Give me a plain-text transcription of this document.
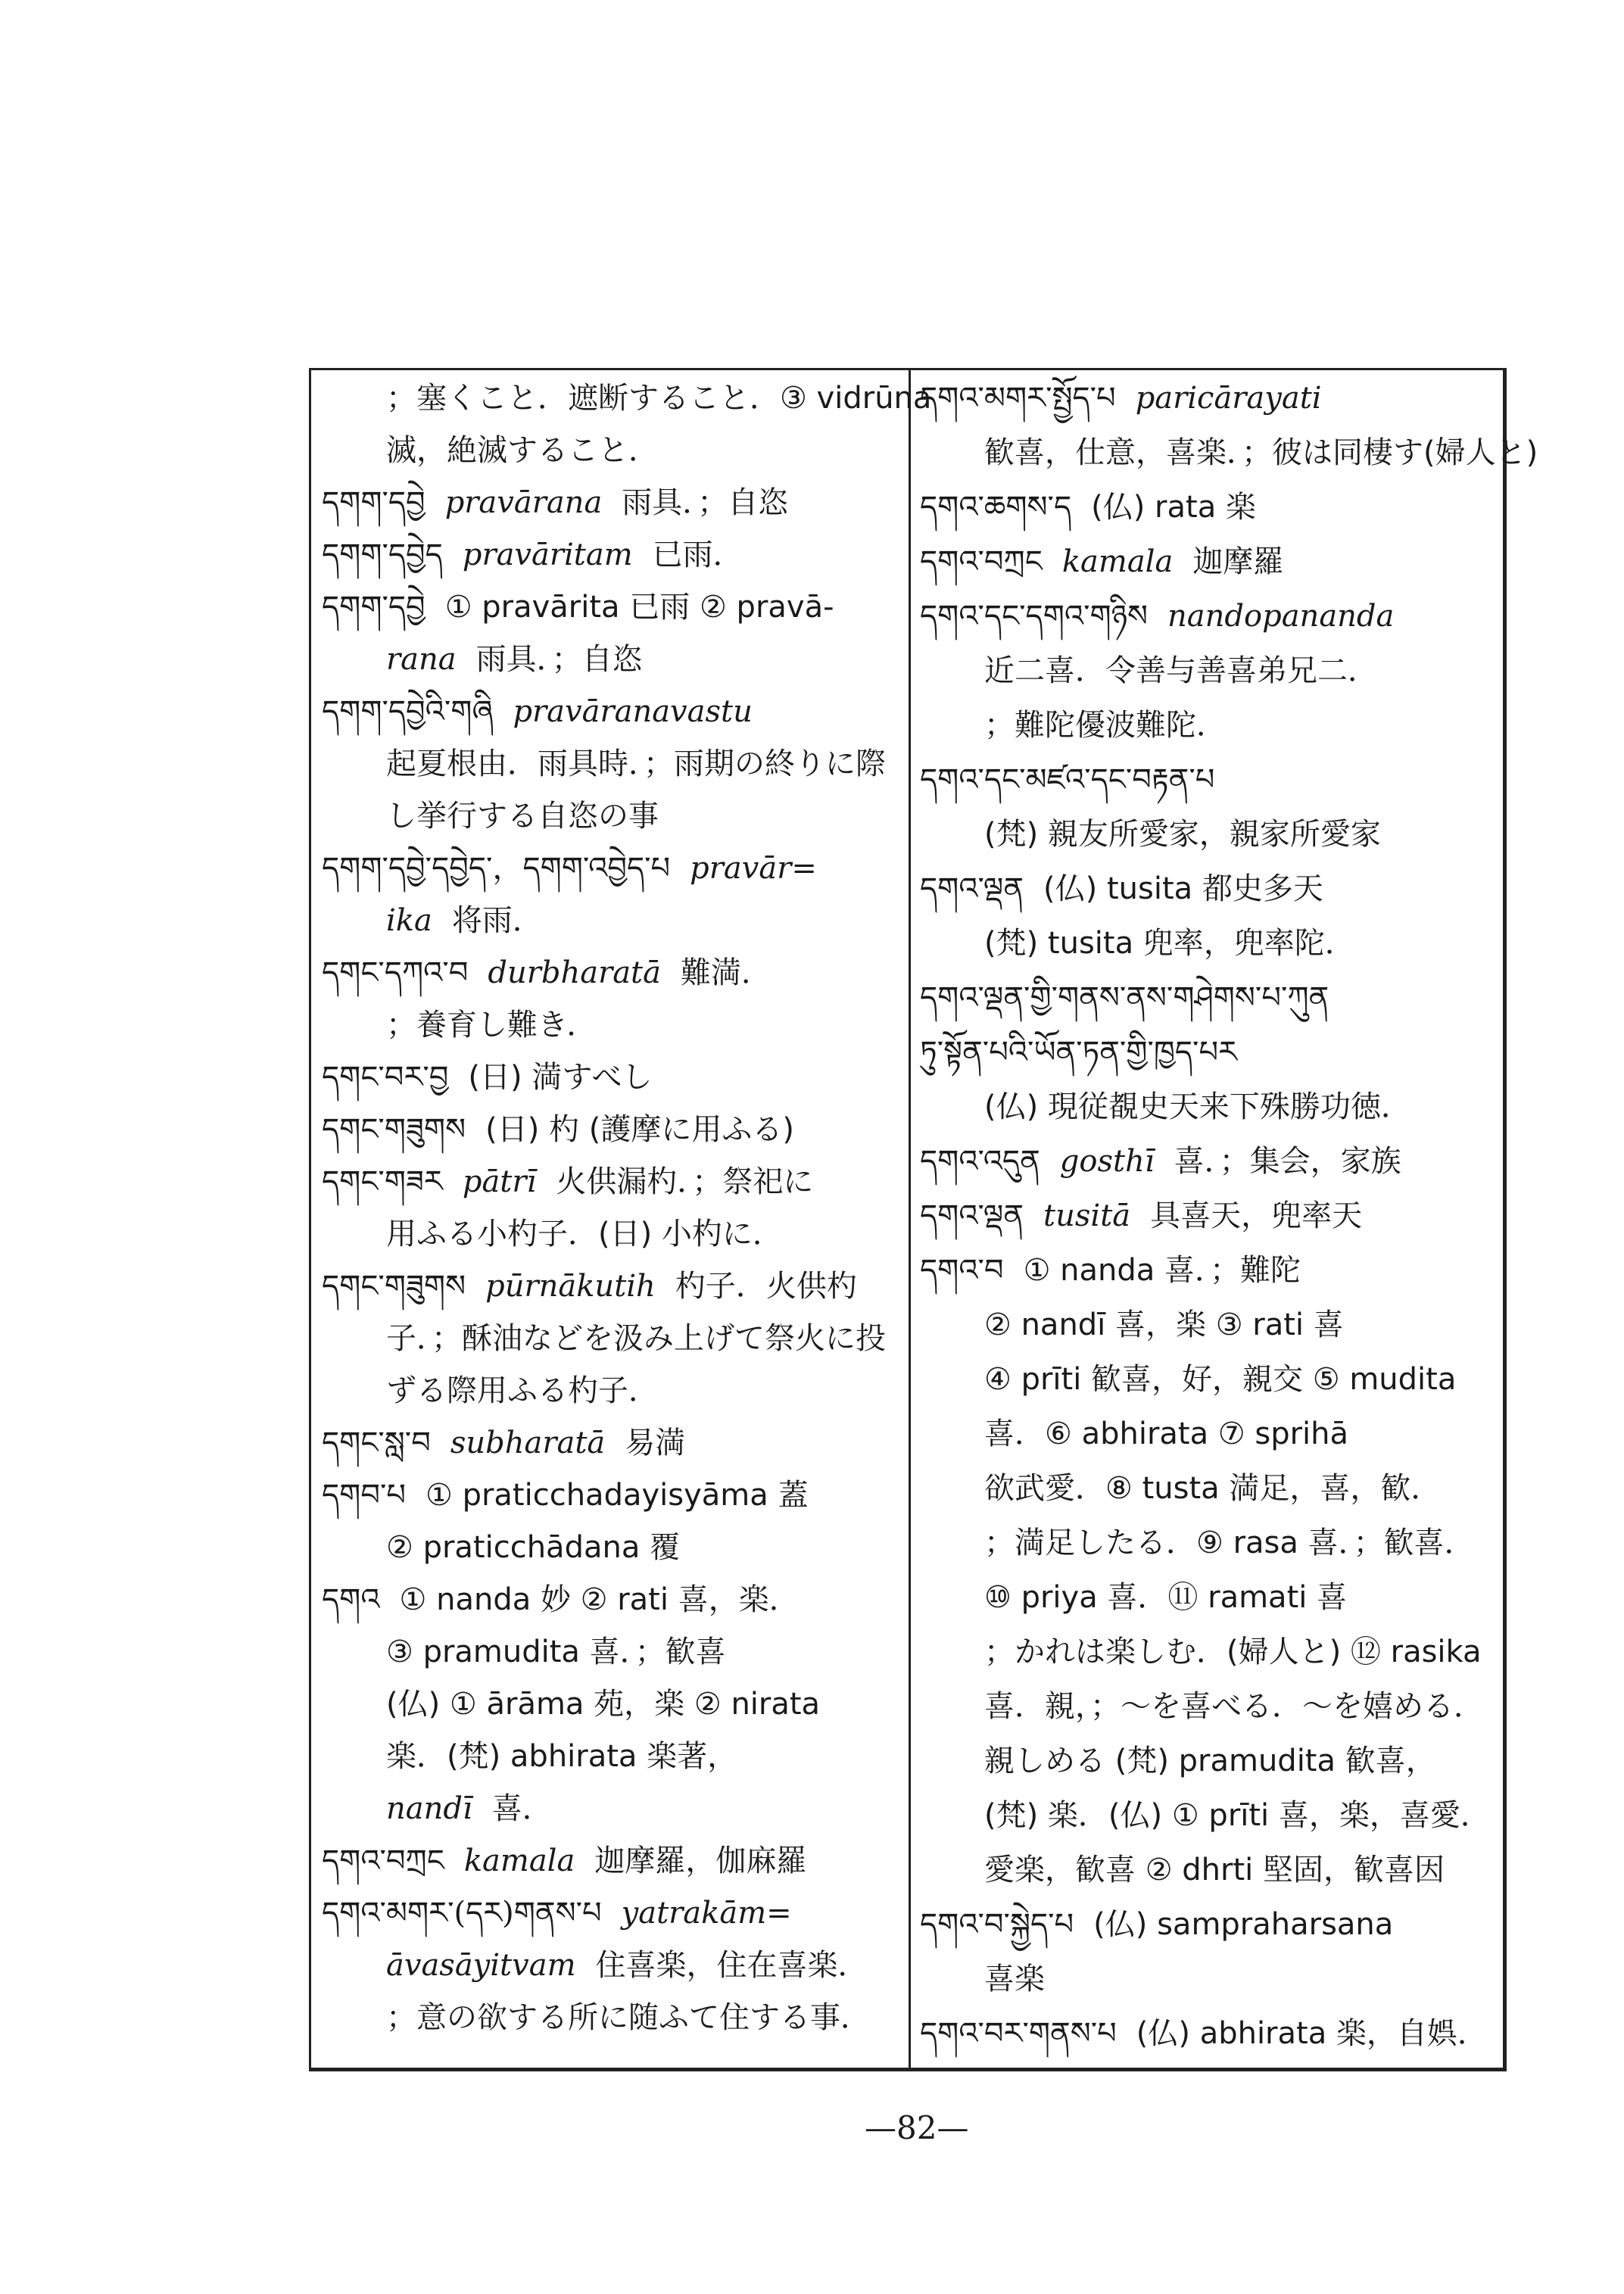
；塞くこと．遮断すること．③ vidrūna
滅，絶滅すること．
དགག་དབྱེ pravārana 雨具．；自恣
དགག་དབྱེད pravāritam 已雨．
དགག་དབྱེ ① pravārita 已雨 ② pravā-
rana 雨具．；自恣
དགག་དབྱེའི་གཞི pravāranavastu
起夏根由．雨具時．；雨期の終りに際
し挙行する自恣の事
དགག་དབྱེ་དབྱེད་，དགག་འབྱེད་པ pravār=
ika 将雨．
དགང་དཀའ་བ durbharatā 難満．
；養育し難き．
དགང་བར་བྱ (日) 満すべし
དགང་གཟུགས (日) 杓 (護摩に用ふる)
དགང་གཟར pātrī 火供漏杓．；祭祀に
用ふる小杓子．(日) 小杓に．
དགང་གཟུགས pūrnākutih 杓子．火供杓
子．；酥油などを汲み上げて祭火に投
ずる際用ふる杓子．
དགང་སླ་བ subharatā 易満
དགབ་པ ① praticchadayisyāma 蓋
② praticchādana 覆
དགའ ① nanda 妙 ② rati 喜，楽．
③ pramudita 喜．；歓喜
(仏) ① ārāma 苑，楽 ② nirata
楽．(梵) abhirata 楽著，
nandī 喜．
དགའ་བཀྲང kamala 迦摩羅，伽麻羅
དགའ་མགར་(དར)གནས་པ yatrakām=
āvasāyitvam 住喜楽，住在喜楽．
；意の欲する所に随ふて住する事．
དགའ་མགར་སྤྱོད་པ paricārayati
歓喜，仕意，喜楽．；彼は同棲す(婦人と)
དགའ་ཆགས་ད (仏) rata 楽
དགའ་བཀྲང kamala 迦摩羅
དགའ་དང་དགའ་གཉིས nandopananda
近二喜．令善与善喜弟兄二．
；難陀優波難陀．
དགའ་དང་མཛའ་དང་བརྟན་པ
(梵) 親友所愛家，親家所愛家
དགའ་ལྡན (仏) tusita 都史多天
(梵) tusita 兜率，兜率陀．
དགའ་ལྡན་གྱི་གནས་ནས་གཤེགས་པ་ཀུན
ཏུ་སྟོན་པའི་ཡོན་ཏན་གྱི་ཁྱད་པར
(仏) 現従覩史天来下殊勝功徳．
དགའ་འདུན gosthī 喜．；集会，家族
དགའ་ལྡན tusitā 具喜天，兜率天
དགའ་བ ① nanda 喜．；難陀
② nandī 喜，楽 ③ rati 喜
④ prīti 歓喜，好，親交 ⑤ mudita
喜．⑥ abhirata ⑦ sprihā
欲武愛．⑧ tusta 満足，喜，歓．
；満足したる．⑨ rasa 喜．；歓喜．
⑩ priya 喜．⑪ ramati 喜
；かれは楽しむ．(婦人と) ⑫ rasika
喜．親，；～を喜べる．～を嬉める．
親しめる (梵) pramudita 歓喜，
(梵) 楽．(仏) ① prīti 喜，楽，喜愛．
愛楽，歓喜 ② dhrti 堅固，歓喜因
དགའ་བ་སྐྱེད་པ (仏) sampraharsana
喜楽
དགའ་བར་གནས་པ (仏) abhirata 楽，自娯．
—82—
